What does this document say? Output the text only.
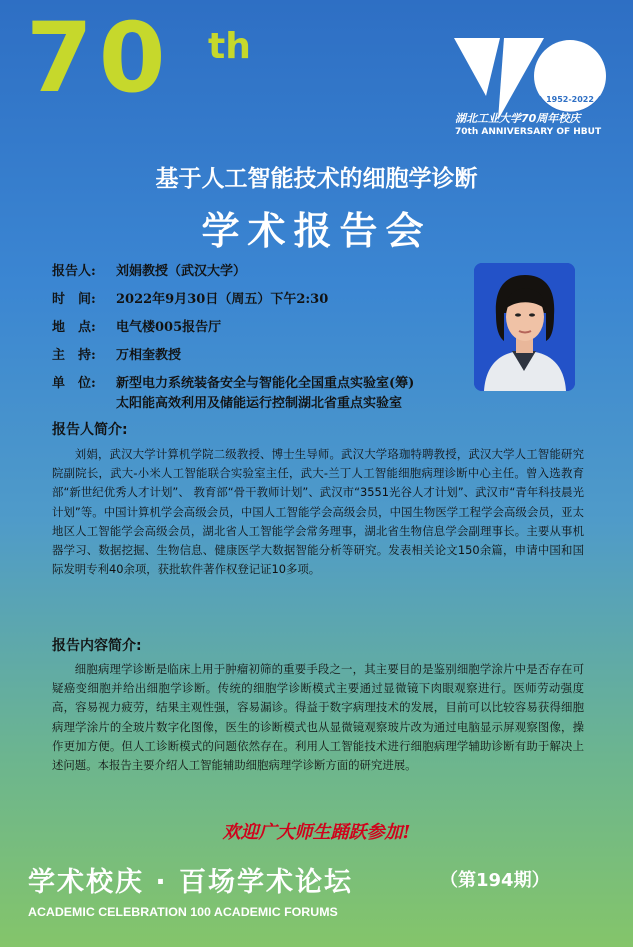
70 th
1952-2022
湖北工业大学70周年校庆
70th ANNIVERSARY OF HBUT
基于人工智能技术的细胞学诊断
学术报告会
报告人: 刘娟教授（武汉大学）
时　间: 2022年9月30日（周五）下午2:30
地　点: 电气楼005报告厅
主　持: 万相奎教授
单　位: 新型电力系统装备安全与智能化全国重点实验室(筹)
太阳能高效利用及储能运行控制湖北省重点实验室
报告人简介:
刘娟，武汉大学计算机学院二级教授、博士生导师。武汉大学珞珈特聘教授，武汉大学人工智能研究院副院长，武大-小米人工智能联合实验室主任，武大-兰丁人工智能细胞病理诊断中心主任。曾入选教育部“新世纪优秀人才计划”、 教育部“骨干教师计划”、武汉市“3551光谷人才计划”、武汉市“青年科技晨光计划”等。中国计算机学会高级会员，中国人工智能学会高级会员，中国生物医学工程学会高级会员，亚太地区人工智能学会高级会员，湖北省人工智能学会常务理事，湖北省生物信息学会副理事长。主要从事机器学习、数据挖掘、生物信息、健康医学大数据智能分析等研究。发表相关论文150余篇，申请中国和国际发明专利40余项，获批软件著作权登记证10多项。
报告内容简介:
细胞病理学诊断是临床上用于肿瘤初筛的重要手段之一，其主要目的是鉴别细胞学涂片中是否存在可疑癌变细胞并给出细胞学诊断。传统的细胞学诊断模式主要通过显微镜下肉眼观察进行。医师劳动强度高，容易视力疲劳，结果主观性强，容易漏诊。得益于数字病理技术的发展，目前可以比较容易获得细胞病理学涂片的全玻片数字化图像，医生的诊断模式也从显微镜观察玻片改为通过电脑显示屏观察图像，操作更加方便。但人工诊断模式的问题依然存在。利用人工智能技术进行细胞病理学辅助诊断有助于解决上述问题。本报告主要介绍人工智能辅助细胞病理学诊断方面的研究进展。
欢迎广大师生踊跃参加!
学术校庆 · 百场学术论坛	（第194期）
ACADEMIC CELEBRATION 100 ACADEMIC FORUMS
